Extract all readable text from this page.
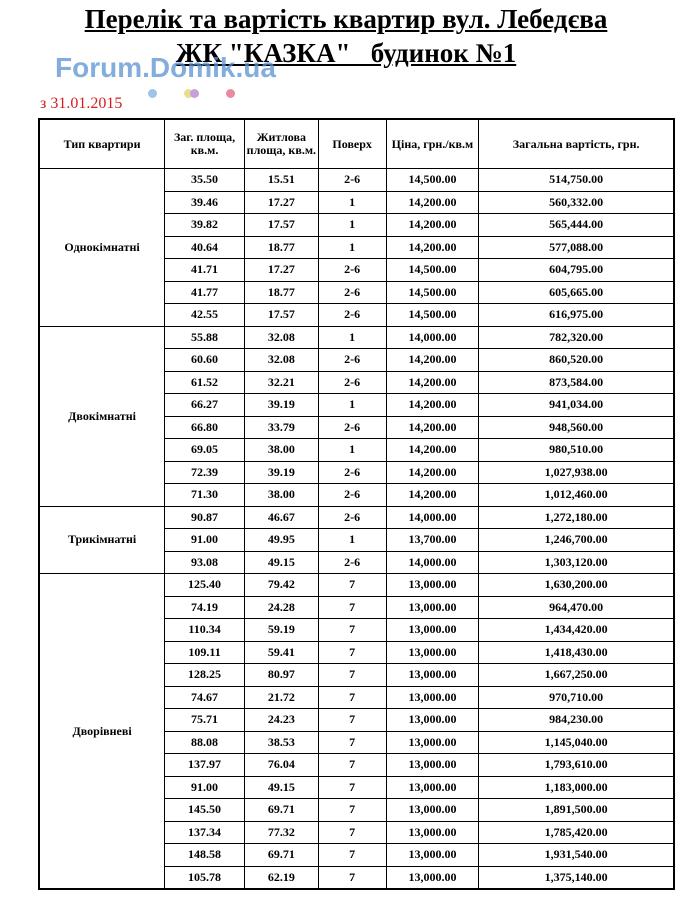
Перелік та вартість квартир вул. Лебедєва
ЖК "КАЗКА"   будинок №1
Forum.Domik.ua
з 31.01.2015
Тип квартири	Заг. площа, кв.м.	Житлова площа, кв.м.	Поверх	Ціна, грн./кв.м	Загальна вартість, грн.
Однокімнатні	35.50	15.51	2-6	14,500.00	514,750.00
	39.46	17.27	1	14,200.00	560,332.00
	39.82	17.57	1	14,200.00	565,444.00
	40.64	18.77	1	14,200.00	577,088.00
	41.71	17.27	2-6	14,500.00	604,795.00
	41.77	18.77	2-6	14,500.00	605,665.00
	42.55	17.57	2-6	14,500.00	616,975.00
Двокімнатні	55.88	32.08	1	14,000.00	782,320.00
	60.60	32.08	2-6	14,200.00	860,520.00
	61.52	32.21	2-6	14,200.00	873,584.00
	66.27	39.19	1	14,200.00	941,034.00
	66.80	33.79	2-6	14,200.00	948,560.00
	69.05	38.00	1	14,200.00	980,510.00
	72.39	39.19	2-6	14,200.00	1,027,938.00
	71.30	38.00	2-6	14,200.00	1,012,460.00
Трикімнатні	90.87	46.67	2-6	14,000.00	1,272,180.00
	91.00	49.95	1	13,700.00	1,246,700.00
	93.08	49.15	2-6	14,000.00	1,303,120.00
Дворівневі	125.40	79.42	7	13,000.00	1,630,200.00
	74.19	24.28	7	13,000.00	964,470.00
	110.34	59.19	7	13,000.00	1,434,420.00
	109.11	59.41	7	13,000.00	1,418,430.00
	128.25	80.97	7	13,000.00	1,667,250.00
	74.67	21.72	7	13,000.00	970,710.00
	75.71	24.23	7	13,000.00	984,230.00
	88.08	38.53	7	13,000.00	1,145,040.00
	137.97	76.04	7	13,000.00	1,793,610.00
	91.00	49.15	7	13,000.00	1,183,000.00
	145.50	69.71	7	13,000.00	1,891,500.00
	137.34	77.32	7	13,000.00	1,785,420.00
	148.58	69.71	7	13,000.00	1,931,540.00
	105.78	62.19	7	13,000.00	1,375,140.00
